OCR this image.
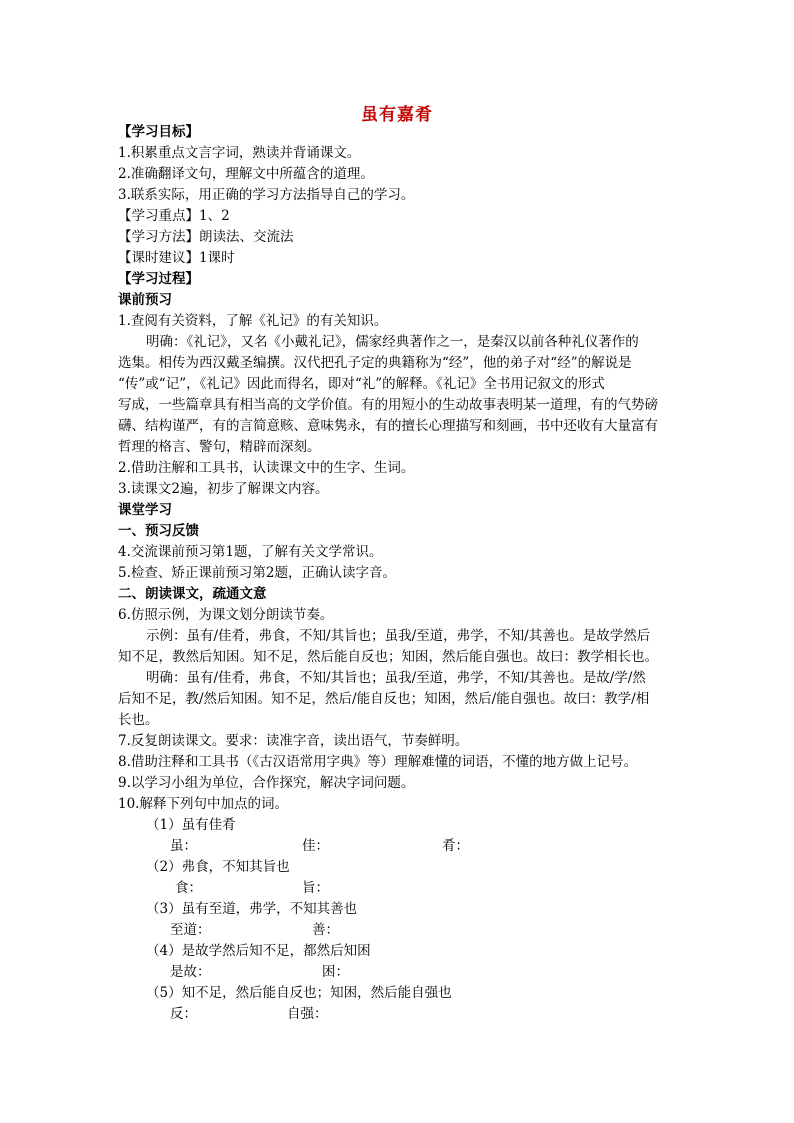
虽有嘉肴
【学习目标】
1.积累重点文言字词，熟读并背诵课文。
2.准确翻译文句，理解文中所蕴含的道理。
3.联系实际，用正确的学习方法指导自己的学习。
【学习重点】1、2
【学习方法】朗读法、交流法
【课时建议】1课时
【学习过程】
课前预习
1.查阅有关资料，了解《礼记》的有关知识。
明确：《礼记》，又名《小戴礼记》，儒家经典著作之一，是秦汉以前各种礼仪著作的
选集。相传为西汉戴圣编撰。汉代把孔子定的典籍称为“经”，他的弟子对“经”的解说是
“传”或“记”，《礼记》因此而得名，即对“礼”的解释。《礼记》全书用记叙文的形式
写成，一些篇章具有相当高的文学价值。有的用短小的生动故事表明某一道理，有的气势磅
礴、结构谨严，有的言简意赅、意味隽永，有的擅长心理描写和刻画，书中还收有大量富有
哲理的格言、警句，精辟而深刻。
2.借助注解和工具书，认读课文中的生字、生词。
3.读课文2遍，初步了解课文内容。
课堂学习
一、预习反馈
4.交流课前预习第1题，了解有关文学常识。
5.检查、矫正课前预习第2题，正确认读字音。
二、朗读课文，疏通文意
6.仿照示例，为课文划分朗读节奏。
示例：虽有/佳肴，弗食，不知/其旨也；虽我/至道，弗学，不知/其善也。是故学然后
知不足，教然后知困。知不足，然后能自反也；知困，然后能自强也。故曰：教学相长也。
明确：虽有/佳肴，弗食，不知/其旨也；虽我/至道，弗学，不知/其善也。是故/学/然
后知不足，教/然后知困。知不足，然后/能自反也；知困，然后/能自强也。故曰：教学/相
长也。
7.反复朗读课文。要求：读准字音，读出语气，节奏鲜明。
8.借助注释和工具书（《古汉语常用字典》等）理解难懂的词语，不懂的地方做上记号。
9.以学习小组为单位，合作探究，解决字词问题。
10.解释下列句中加点的词。
（1）虽有佳肴
虽：	佳：	肴：
（2）弗食，不知其旨也
食：	旨：
（3）虽有至道，弗学，不知其善也
至道：	善：
（4）是故学然后知不足，都然后知困
是故：	困：
（5）知不足，然后能自反也；知困，然后能自强也
反：	自强：
